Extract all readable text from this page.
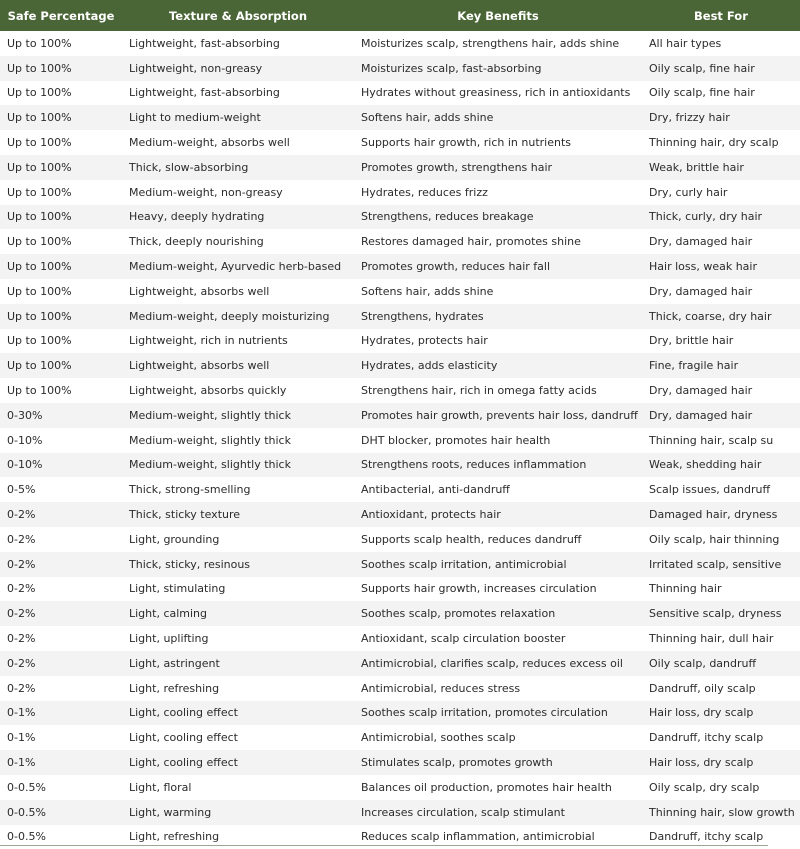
Safe Percentage	Texture & Absorption	Key Benefits	Best For
Up to 100%	Lightweight, fast-absorbing	Moisturizes scalp, strengthens hair, adds shine	All hair types
Up to 100%	Lightweight, non-greasy	Moisturizes scalp, fast-absorbing	Oily scalp, fine hair
Up to 100%	Lightweight, fast-absorbing	Hydrates without greasiness, rich in antioxidants	Oily scalp, fine hair
Up to 100%	Light to medium-weight	Softens hair, adds shine	Dry, frizzy hair
Up to 100%	Medium-weight, absorbs well	Supports hair growth, rich in nutrients	Thinning hair, dry scalp
Up to 100%	Thick, slow-absorbing	Promotes growth, strengthens hair	Weak, brittle hair
Up to 100%	Medium-weight, non-greasy	Hydrates, reduces frizz	Dry, curly hair
Up to 100%	Heavy, deeply hydrating	Strengthens, reduces breakage	Thick, curly, dry hair
Up to 100%	Thick, deeply nourishing	Restores damaged hair, promotes shine	Dry, damaged hair
Up to 100%	Medium-weight, Ayurvedic herb-based	Promotes growth, reduces hair fall	Hair loss, weak hair
Up to 100%	Lightweight, absorbs well	Softens hair, adds shine	Dry, damaged hair
Up to 100%	Medium-weight, deeply moisturizing	Strengthens, hydrates	Thick, coarse, dry hair
Up to 100%	Lightweight, rich in nutrients	Hydrates, protects hair	Dry, brittle hair
Up to 100%	Lightweight, absorbs well	Hydrates, adds elasticity	Fine, fragile hair
Up to 100%	Lightweight, absorbs quickly	Strengthens hair, rich in omega fatty acids	Dry, damaged hair
0-30%	Medium-weight, slightly thick	Promotes hair growth, prevents hair loss, dandruff	Dry, damaged hair
0-10%	Medium-weight, slightly thick	DHT blocker, promotes hair health	Thinning hair, scalp su
0-10%	Medium-weight, slightly thick	Strengthens roots, reduces inflammation	Weak, shedding hair
0-5%	Thick, strong-smelling	Antibacterial, anti-dandruff	Scalp issues, dandruff
0-2%	Thick, sticky texture	Antioxidant, protects hair	Damaged hair, dryness
0-2%	Light, grounding	Supports scalp health, reduces dandruff	Oily scalp, hair thinning
0-2%	Thick, sticky, resinous	Soothes scalp irritation, antimicrobial	Irritated scalp, sensitive
0-2%	Light, stimulating	Supports hair growth, increases circulation	Thinning hair
0-2%	Light, calming	Soothes scalp, promotes relaxation	Sensitive scalp, dryness
0-2%	Light, uplifting	Antioxidant, scalp circulation booster	Thinning hair, dull hair
0-2%	Light, astringent	Antimicrobial, clarifies scalp, reduces excess oil	Oily scalp, dandruff
0-2%	Light, refreshing	Antimicrobial, reduces stress	Dandruff, oily scalp
0-1%	Light, cooling effect	Soothes scalp irritation, promotes circulation	Hair loss, dry scalp
0-1%	Light, cooling effect	Antimicrobial, soothes scalp	Dandruff, itchy scalp
0-1%	Light, cooling effect	Stimulates scalp, promotes growth	Hair loss, dry scalp
0-0.5%	Light, floral	Balances oil production, promotes hair health	Oily scalp, dry scalp
0-0.5%	Light, warming	Increases circulation, scalp stimulant	Thinning hair, slow growth
0-0.5%	Light, refreshing	Reduces scalp inflammation, antimicrobial	Dandruff, itchy scalp
